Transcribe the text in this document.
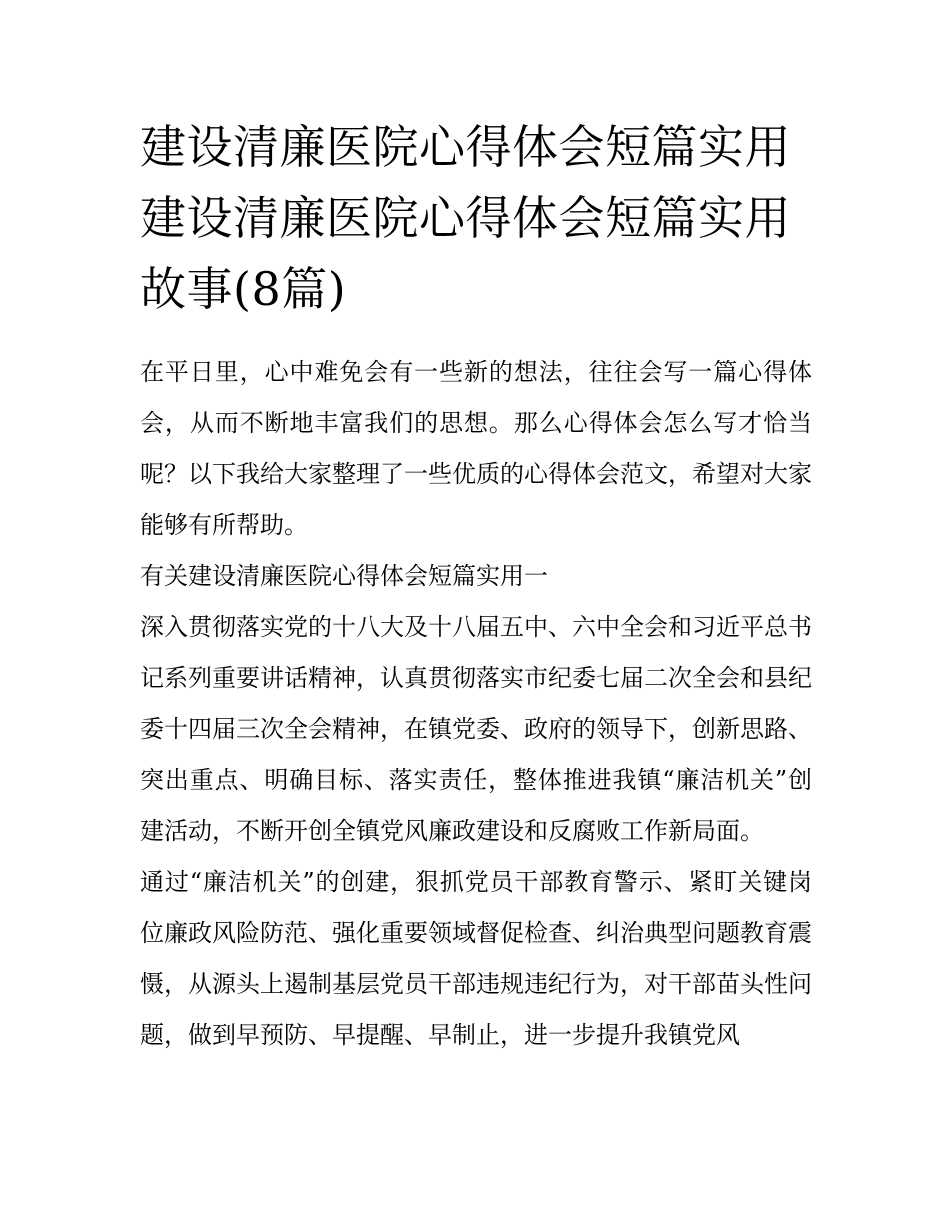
建设清廉医院心得体会短篇实用 建设清廉医院心得体会短篇实用故事(8篇)

在平日里，心中难免会有一些新的想法，往往会写一篇心得体会，从而不断地丰富我们的思想。那么心得体会怎么写才恰当呢？以下我给大家整理了一些优质的心得体会范文，希望对大家能够有所帮助。

有关建设清廉医院心得体会短篇实用一

深入贯彻落实党的十八大及十八届五中、六中全会和习近平总书记系列重要讲话精神，认真贯彻落实市纪委七届二次全会和县纪委十四届三次全会精神，在镇党委、政府的领导下，创新思路、突出重点、明确目标、落实责任，整体推进我镇“廉洁机关”创建活动，不断开创全镇党风廉政建设和反腐败工作新局面。

通过“廉洁机关”的创建，狠抓党员干部教育警示、紧盯关键岗位廉政风险防范、强化重要领域督促检查、纠治典型问题教育震慑，从源头上遏制基层党员干部违规违纪行为，对干部苗头性问题，做到早预防、早提醒、早制止，进一步提升我镇党风
